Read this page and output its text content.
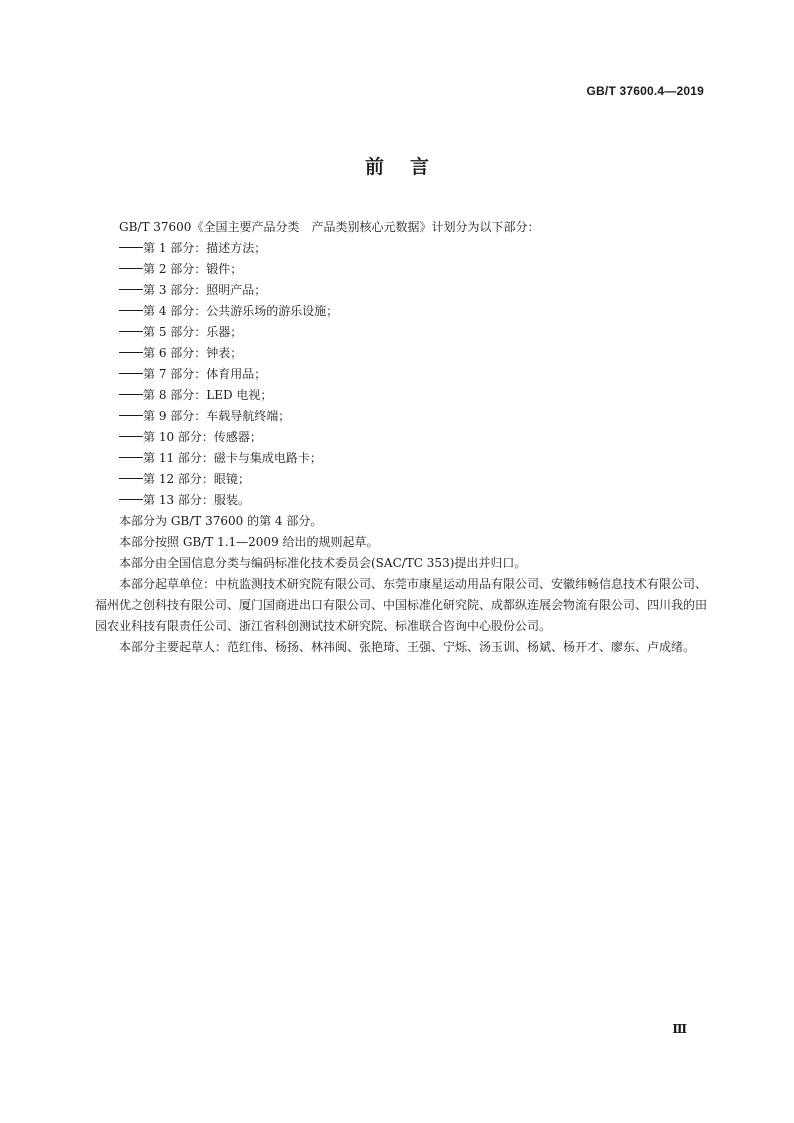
GB/T 37600.4—2019
前言

GB/T 37600《全国主要产品分类　产品类别核心元数据》计划分为以下部分：

第 1 部分：描述方法；
第 2 部分：锻件；
第 3 部分：照明产品；
第 4 部分：公共游乐场的游乐设施；
第 5 部分：乐器；
第 6 部分：钟表；
第 7 部分：体育用品；
第 8 部分：LED 电视；
第 9 部分：车载导航终端；
第 10 部分：传感器；
第 11 部分：磁卡与集成电路卡；
第 12 部分：眼镜；
第 13 部分：服装。

本部分为 GB/T 37600 的第 4 部分。

本部分按照 GB/T 1.1—2009 给出的规则起草。

本部分由全国信息分类与编码标准化技术委员会(SAC/TC 353)提出并归口。

本部分起草单位：中杭监测技术研究院有限公司、东莞市康星运动用品有限公司、安徽纬畅信息技术有限公司、福州优之创科技有限公司、厦门国商进出口有限公司、中国标准化研究院、成都纵连展会物流有限公司、四川我的田园农业科技有限责任公司、浙江省科创测试技术研究院、标准联合咨询中心股份公司。

本部分主要起草人：范红伟、杨扬、林祎闽、张艳琦、王强、宁烁、汤玉训、杨斌、杨开才、廖东、卢成绪。

Ⅲ
